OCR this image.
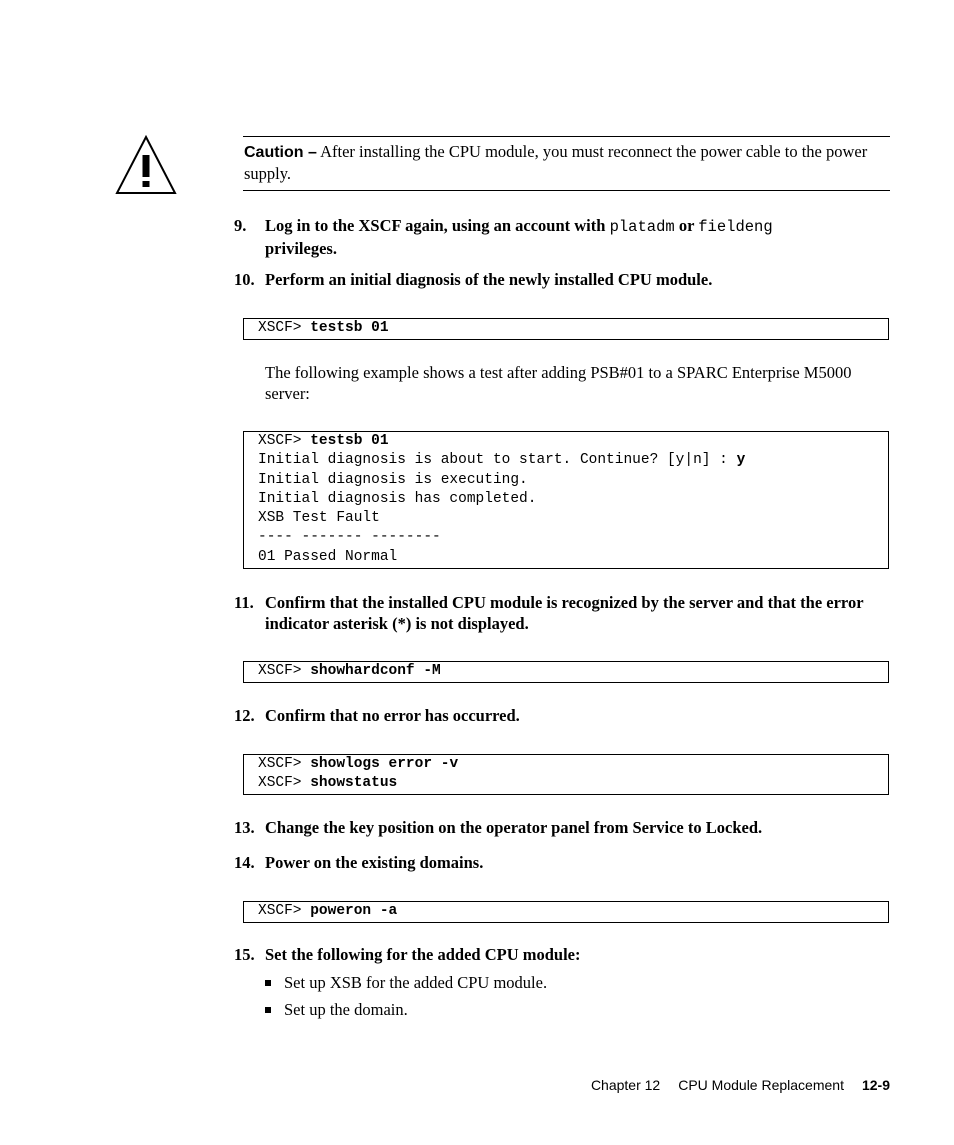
Caution – After installing the CPU module, you must reconnect the power cable to the power supply.
9.	Log in to the XSCF again, using an account with platadm or fieldeng
privileges.
10. Perform an initial diagnosis of the newly installed CPU module.
XSCF> testsb 01
The following example shows a test after adding PSB#01 to a SPARC Enterprise M5000 server:
XSCF> testsb 01
Initial diagnosis is about to start. Continue? [y|n] : y
Initial diagnosis is executing.
Initial diagnosis has completed.
XSB Test Fault
---- ------- --------
01 Passed Normal
11. Confirm that the installed CPU module is recognized by the server and that the error indicator asterisk (*) is not displayed.
XSCF> showhardconf -M
12. Confirm that no error has occurred.
XSCF> showlogs error -v
XSCF> showstatus
13. Change the key position on the operator panel from Service to Locked.
14. Power on the existing domains.
XSCF> poweron -a
15. Set the following for the added CPU module:
Set up XSB for the added CPU module.
Set up the domain.
Chapter 12 CPU Module Replacement 12-9
